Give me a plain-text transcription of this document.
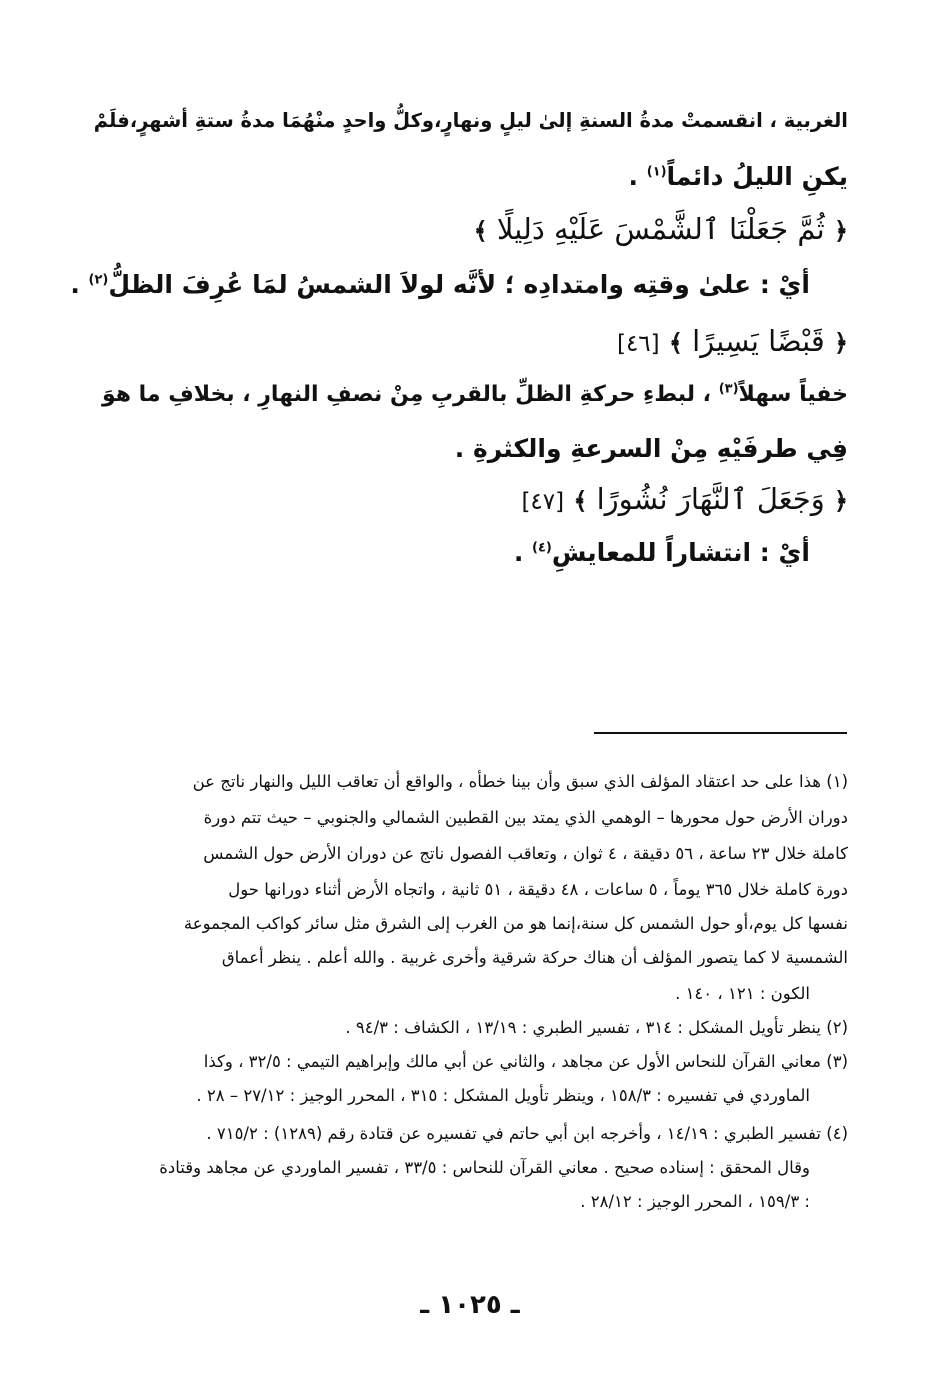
الغربية ، انقسمتْ مدةُ السنةِ إلىٰ ليلٍ ونهارٍ،وكلُّ واحدٍ منْهُمَا مدةُ ستةِ أشهرٍ،فلَمْ
يكنِ الليلُ دائماً$^{(١)}$ .
﴿ ثُمَّ جَعَلْنَا ٱلشَّمْسَ عَلَيْهِ دَلِيلًا ﴾
أيْ : علىٰ وقتِه وامتدادِه ؛ لأنَّه لولاَ الشمسُ لمَا عُرِفَ الظلُّ$^{(٢)}$ .
﴿ قَبْضًا يَسِيرًا ﴾ [٤٦]
خفياً سهلاً$^{(٣)}$ ، لبطءِ حركةِ الظلِّ بالقربِ مِنْ نصفِ النهارِ ، بخلافِ ما هوَ
فِي طرفَيْهِ مِنْ السرعةِ والكثرةِ .
﴿ وَجَعَلَ ٱلنَّهَارَ نُشُورًا ﴾ [٤٧]
أيْ : انتشاراً للمعايشِ$^{(٤)}$ .
(١) هذا على حد اعتقاد المؤلف الذي سبق وأن بينا خطأه ، والواقع أن تعاقب الليل والنهار ناتج عن
دوران الأرض حول محورها – الوهمي الذي يمتد بين القطبين الشمالي والجنوبي – حيث تتم دورة
كاملة خلال ٢٣ ساعة ، ٥٦ دقيقة ، ٤ ثوان ، وتعاقب الفصول ناتج عن دوران الأرض حول الشمس
دورة كاملة خلال ٣٦٥ يوماً ، ٥ ساعات ، ٤٨ دقيقة ، ٥١ ثانية ، واتجاه الأرض أثناء دورانها حول
نفسها كل يوم،أو حول الشمس كل سنة،إنما هو من الغرب إلى الشرق مثل سائر كواكب المجموعة
الشمسية لا كما يتصور المؤلف أن هناك حركة شرقية وأخرى غربية . والله أعلم . ينظر أعماق
الكون : ١٢١ ، ١٤٠ .
(٢) ينظر تأويل المشكل : ٣١٤ ، تفسير الطبري : ١٣/١٩ ، الكشاف : ٩٤/٣ .
(٣) معاني القرآن للنحاس الأول عن مجاهد ، والثاني عن أبي مالك وإبراهيم التيمي : ٣٢/٥ ، وكذا
الماوردي في تفسيره : ١٥٨/٣ ، وينظر تأويل المشكل : ٣١٥ ، المحرر الوجيز : ٢٧/١٢ – ٢٨ .
(٤) تفسير الطبري : ١٤/١٩ ، وأخرجه ابن أبي حاتم في تفسيره عن قتادة رقم (١٢٨٩) : ٧١٥/٢ .
وقال المحقق : إسناده صحيح . معاني القرآن للنحاس : ٣٣/٥ ، تفسير الماوردي عن مجاهد وقتادة
: ١٥٩/٣ ، المحرر الوجيز : ٢٨/١٢ .
ـ ١٠٢٥ ـ
